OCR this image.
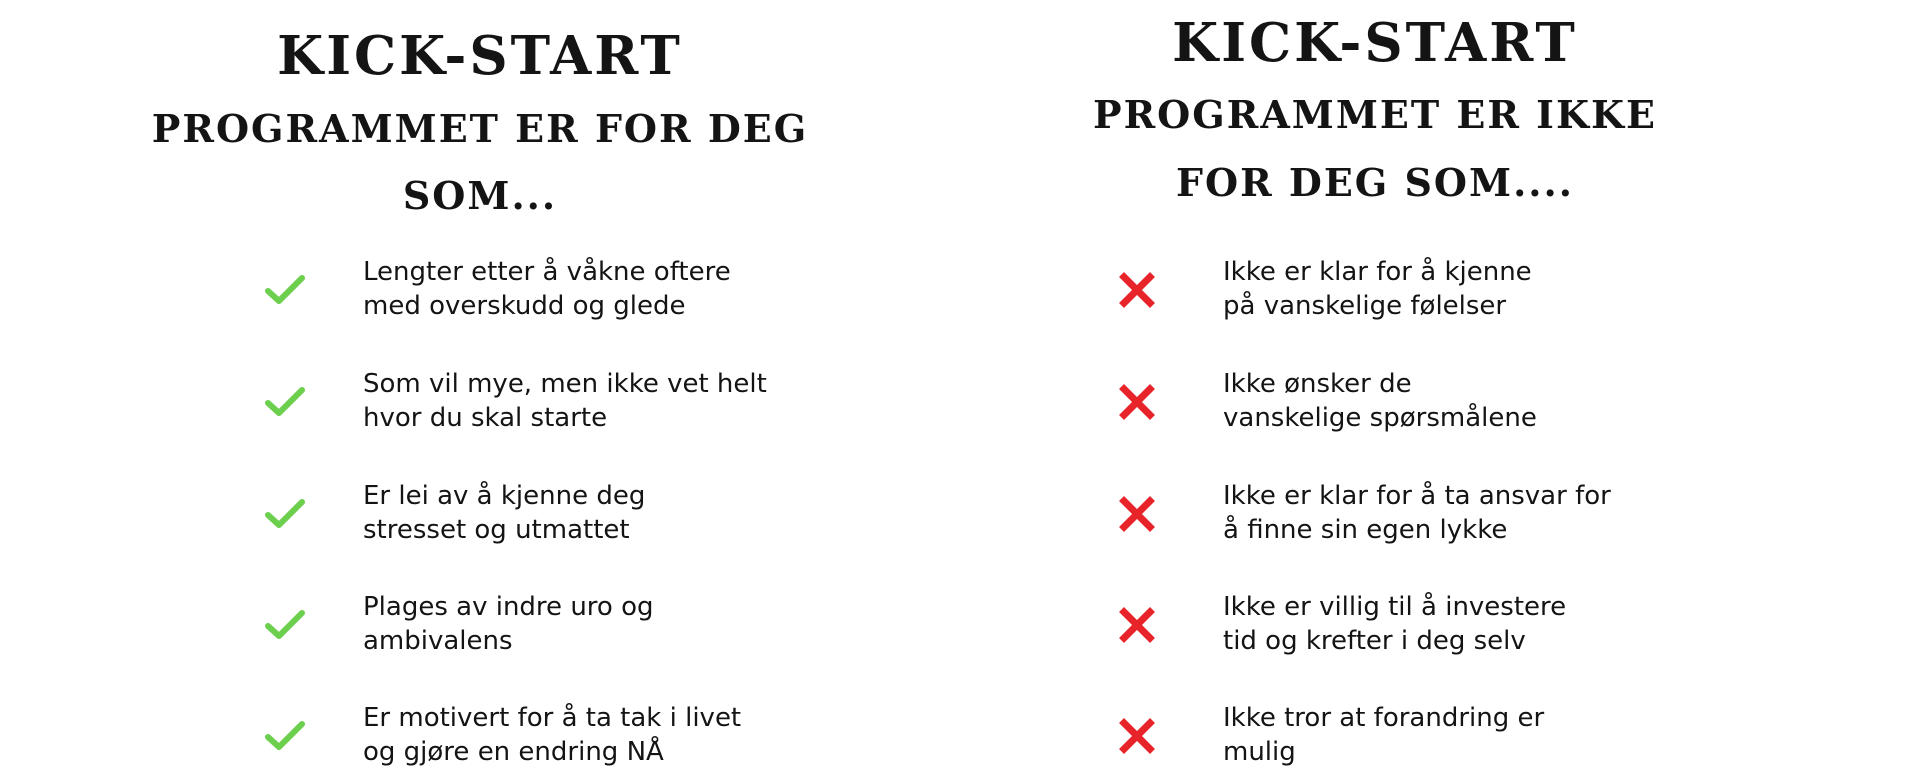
KICK-START
PROGRAMMET ER FOR DEG SOM...
Lengter etter å våkne oftere
med overskudd og glede
Som vil mye, men ikke vet helt
hvor du skal starte
Er lei av å kjenne deg
stresset og utmattet
Plages av indre uro og
ambivalens
Er motivert for å ta tak i livet
og gjøre en endring NÅ
KICK-START
PROGRAMMET ER IKKE FOR DEG SOM....
Ikke er klar for å kjenne
på vanskelige følelser
Ikke ønsker de
vanskelige spørsmålene
Ikke er klar for å ta ansvar for
å finne sin egen lykke
Ikke er villig til å investere
tid og krefter i deg selv
Ikke tror at forandring er
mulig
